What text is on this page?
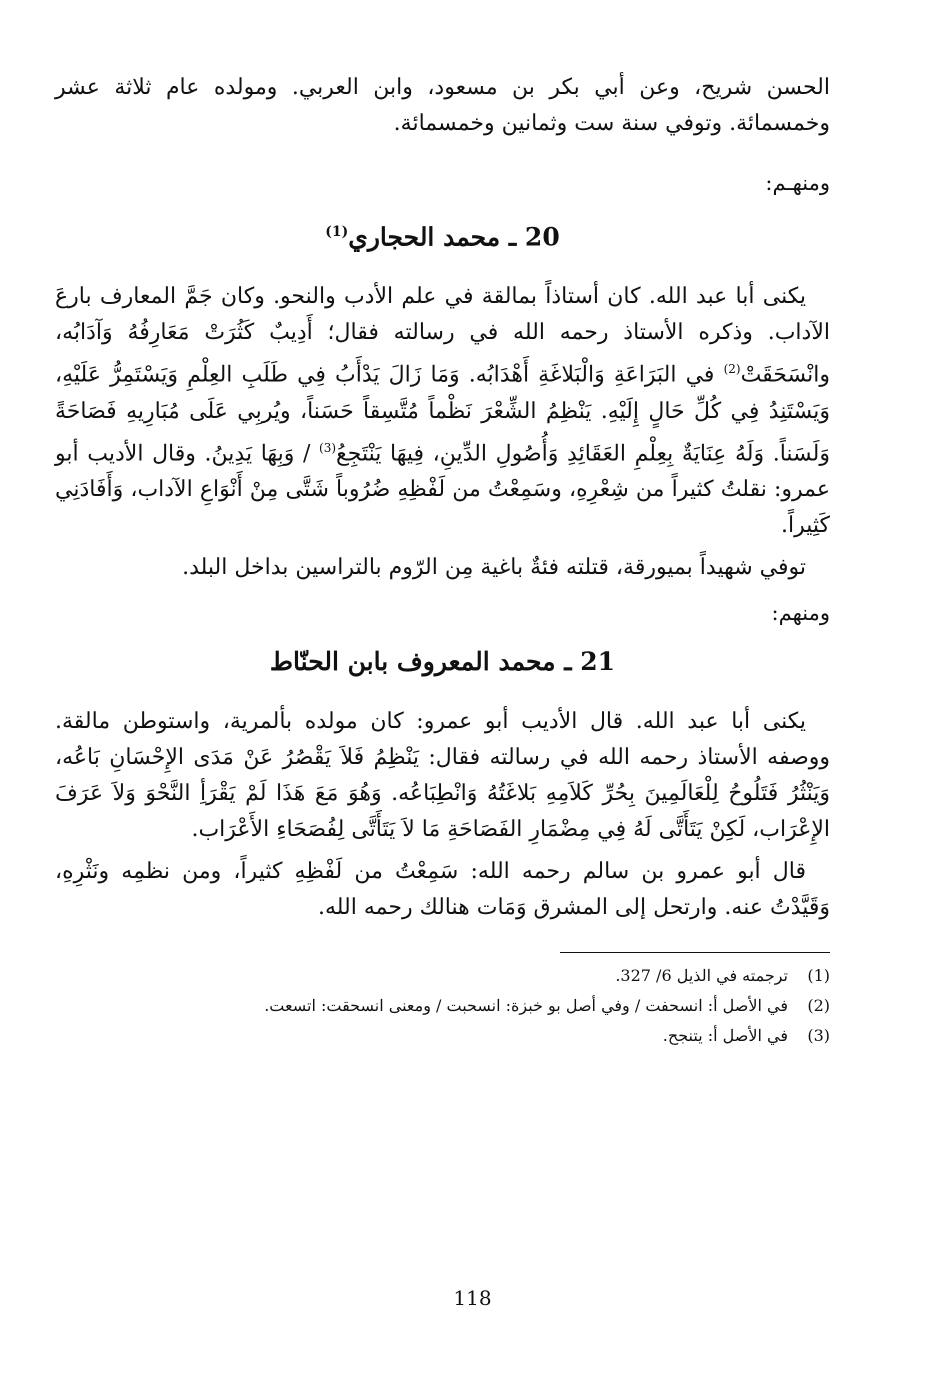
الحسن شريح، وعن أبي بكر بن مسعود، وابن العربي. ومولده عام ثلاثة عشر وخمسمائة. وتوفي سنة ست وثمانين وخمسمائة.

ومنهـم:

20 ـ محمد الحجاري$^{(1)}$

يكنى أبا عبد الله. كان أستاذاً بمالقة في علم الأدب والنحو. وكان جَمَّ المعارف بارعَ الآداب. وذكره الأستاذ رحمه الله في رسالته فقال؛ أَدِيبٌ كَثُرَتْ مَعَارِفُهُ وَآدَابُه، وانْسَحَقَتْ$^{(2)}$ في البَرَاعَةِ وَالْبَلاغَةِ أَهْدَابُه. وَمَا زَالَ يَدْأَبُ فِي طَلَبِ العِلْمِ وَيَسْتَمِرُّ عَلَيْهِ، وَيَسْتَنِدُ فِي كُلِّ حَالٍ إِلَيْهِ. يَنْظِمُ الشِّعْرَ نَظْماً مُتَّسِقاً حَسَناً، ويُربِي عَلَى مُبَارِيهِ فَصَاحَةً وَلَسَناً. وَلَهُ عِنَايَةٌ بِعِلْمِ العَقَائِدِ وَأُصُولِ الدِّينِ، فِيهَا يَنْتَجِعُ$^{(3)}$ / وَبِهَا يَدِينُ. وقال الأديب أبو عمرو: نقلتُ كثيراً من شِعْرِهِ، وسَمِعْتُ من لَفْظِهِ ضُرُوباً شَتَّى مِنْ أَنْوَاعِ الآداب، وَأَفَادَنِي كَثِيراً.

توفي شهيداً بميورقة، قتلته فئةٌ باغية مِن الرّوم بالتراسين بداخل البلد.

ومنهم:

21 ـ محمد المعروف بابن الحنّاط

يكنى أبا عبد الله. قال الأديب أبو عمرو: كان مولده بألمرية، واستوطن مالقة. ووصفه الأستاذ رحمه الله في رسالته فقال: يَنْظِمُ فَلاَ يَقْصُرُ عَنْ مَدَى الإِحْسَانِ بَاعُه، وَيَنْثُرُ فَتَلُوحُ لِلْعَالَمِينَ بِحُرِّ كَلاَمِهِ بَلاغَتُهُ وَانْطِبَاعُه. وَهُوَ مَعَ هَذَا لَمْ يَقْرَأِ النَّحْوَ وَلاَ عَرَفَ الإِعْرَاب، لَكِنْ يَتَأَتَّى لَهُ فِي مِضْمَارِ الفَصَاحَةِ مَا لاَ يَتَأَتَّى لِفُصَحَاءِ الأَعْرَاب.

قال أبو عمرو بن سالم رحمه الله: سَمِعْتُ من لَفْظِهِ كثيراً، ومن نظمِه ونَثْرِهِ، وَقَيَّدْتُ عنه. وارتحل إلى المشرق وَمَات هنالك رحمه الله.

(1)
ترجمته في الذيل 6/ 327.
(2)
في الأصل أ: انسحفت / وفي أصل بو خبزة: انسحبت / ومعنى انسحقت: اتسعت.
(3)
في الأصل أ: يتنجح.
118
